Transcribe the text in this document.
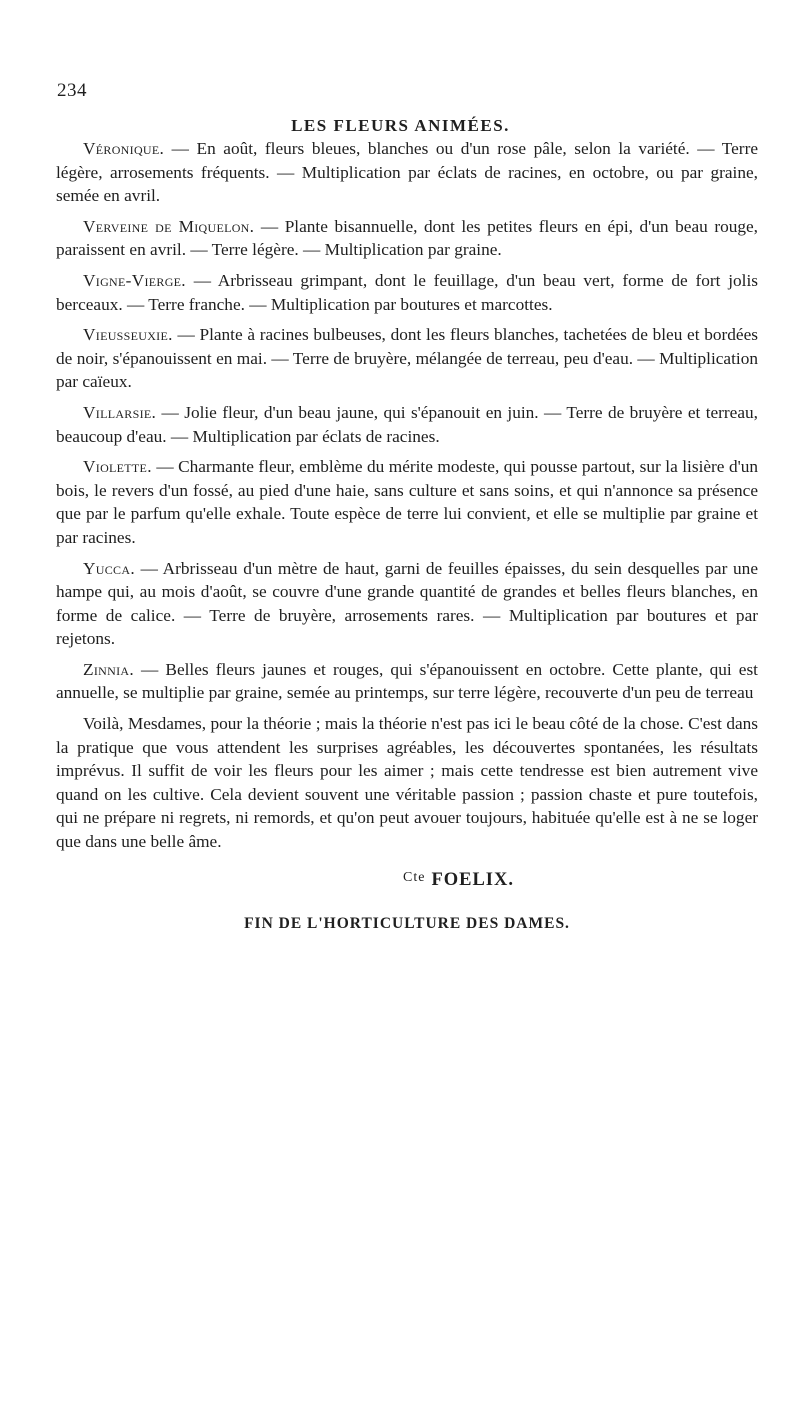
234
LES FLEURS ANIMÉES.

Véronique. — En août, fleurs bleues, blanches ou d'un rose pâle, selon la variété. — Terre légère, arrosements fréquents. — Multiplication par éclats de racines, en octobre, ou par graine, semée en avril.

Verveine de Miquelon. — Plante bisannuelle, dont les petites fleurs en épi, d'un beau rouge, paraissent en avril. — Terre légère. — Multiplication par graine.

Vigne-Vierge. — Arbrisseau grimpant, dont le feuillage, d'un beau vert, forme de fort jolis berceaux. — Terre franche. — Multiplication par boutures et marcottes.

Vieusseuxie. — Plante à racines bulbeuses, dont les fleurs blanches, tachetées de bleu et bordées de noir, s'épanouissent en mai. — Terre de bruyère, mélangée de terreau, peu d'eau. — Multiplication par caïeux.

Villarsie. — Jolie fleur, d'un beau jaune, qui s'épanouit en juin. — Terre de bruyère et terreau, beaucoup d'eau. — Multiplication par éclats de racines.

Violette. — Charmante fleur, emblème du mérite modeste, qui pousse partout, sur la lisière d'un bois, le revers d'un fossé, au pied d'une haie, sans culture et sans soins, et qui n'annonce sa présence que par le parfum qu'elle exhale. Toute espèce de terre lui convient, et elle se multiplie par graine et par racines.

Yucca. — Arbrisseau d'un mètre de haut, garni de feuilles épaisses, du sein desquelles par une hampe qui, au mois d'août, se couvre d'une grande quantité de grandes et belles fleurs blanches, en forme de calice. — Terre de bruyère, arrosements rares. — Multiplication par boutures et par rejetons.

Zinnia. — Belles fleurs jaunes et rouges, qui s'épanouissent en octobre. Cette plante, qui est annuelle, se multiplie par graine, semée au printemps, sur terre légère, recouverte d'un peu de terreau

Voilà, Mesdames, pour la théorie ; mais la théorie n'est pas ici le beau côté de la chose. C'est dans la pratique que vous attendent les surprises agréables, les découvertes spontanées, les résultats imprévus. Il suffit de voir les fleurs pour les aimer ; mais cette tendresse est bien autrement vive quand on les cultive. Cela devient souvent une véritable passion ; passion chaste et pure toutefois, qui ne prépare ni regrets, ni remords, et qu'on peut avouer toujours, habituée qu'elle est à ne se loger que dans une belle âme.

$^{Cte}$ FOELIX.
FIN DE L'HORTICULTURE DES DAMES.
